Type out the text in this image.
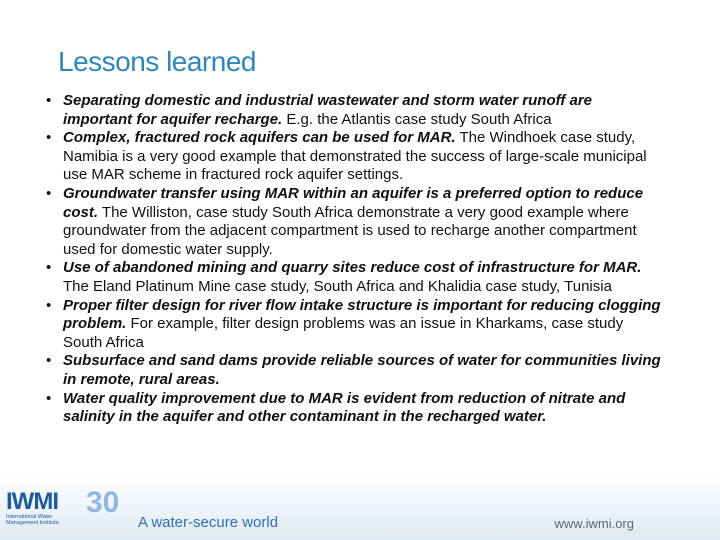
Lessons learned
• Separating domestic and industrial wastewater and storm water runoff are important for aquifer recharge. E.g. the Atlantis case study South Africa
• Complex, fractured rock aquifers can be used for MAR. The Windhoek case study, Namibia is a very good example that demonstrated the success of large-scale municipal use MAR scheme in fractured rock aquifer settings.
• Groundwater transfer using MAR within an aquifer is a preferred option to reduce cost. The Williston, case study South Africa demonstrate a very good example where groundwater from the adjacent compartment is used to recharge another compartment used for domestic water supply.
• Use of abandoned mining and quarry sites reduce cost of infrastructure for MAR. The Eland Platinum Mine case study, South Africa and Khalidia case study, Tunisia
• Proper filter design for river flow intake structure is important for reducing clogging problem. For example, filter design problems was an issue in Kharkams, case study South Africa
• Subsurface and sand dams provide reliable sources of water for communities living in remote, rural areas.
• Water quality improvement due to MAR is evident from reduction of nitrate and salinity in the aquifer and other contaminant in the recharged water.
IWMI 30
International Water Management Institute	A water-secure world	www.iwmi.org
